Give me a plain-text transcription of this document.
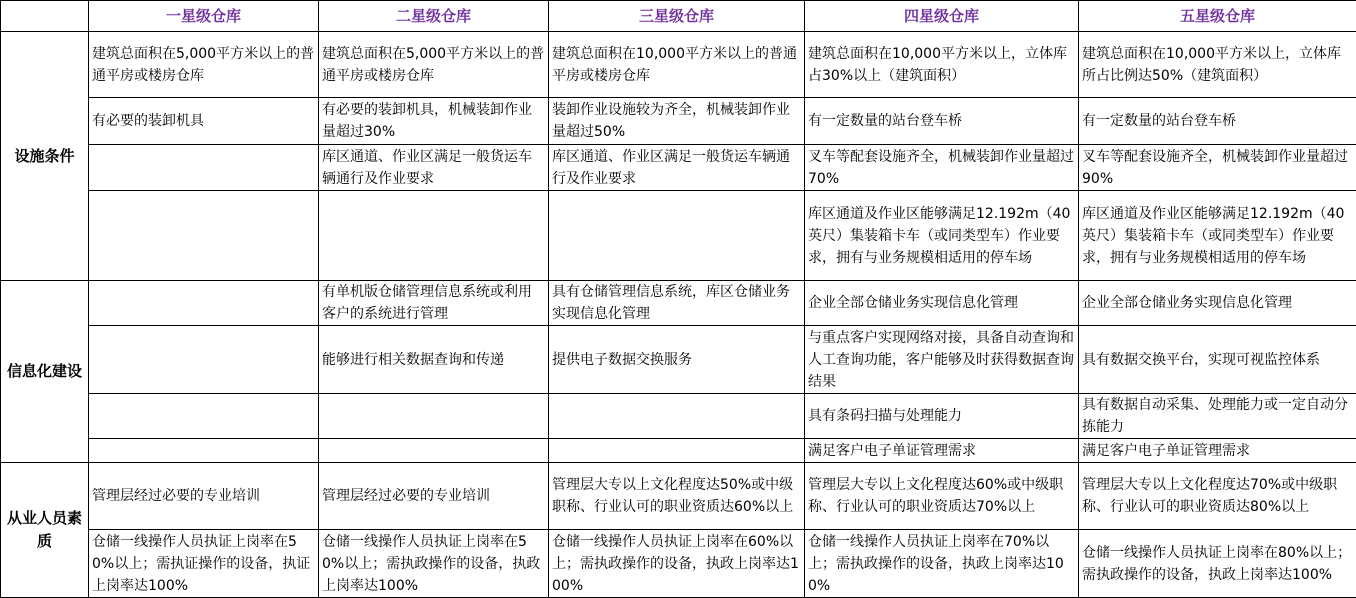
	一星级仓库	二星级仓库	三星级仓库	四星级仓库	五星级仓库
设施条件	建筑总面积在5,000平方米以上的普通平房或楼房仓库	建筑总面积在5,000平方米以上的普通平房或楼房仓库	建筑总面积在10,000平方米以上的普通平房或楼房仓库	建筑总面积在10,000平方米以上，立体库占30%以上（建筑面积）	建筑总面积在10,000平方米以上，立体库所占比例达50%（建筑面积）
	有必要的装卸机具	有必要的装卸机具，机械装卸作业量超过30%	装卸作业设施较为齐全，机械装卸作业量超过50%	有一定数量的站台登车桥	有一定数量的站台登车桥
		库区通道、作业区满足一般货运车辆通行及作业要求	库区通道、作业区满足一般货运车辆通行及作业要求	叉车等配套设施齐全，机械装卸作业量超过70%	叉车等配套设施齐全，机械装卸作业量超过90%
				库区通道及作业区能够满足12.192m（40英尺）集装箱卡车（或同类型车）作业要求，拥有与业务规模相适用的停车场	库区通道及作业区能够满足12.192m（40英尺）集装箱卡车（或同类型车）作业要求，拥有与业务规模相适用的停车场
信息化建设		有单机版仓储管理信息系统或利用客户的系统进行管理	具有仓储管理信息系统，库区仓储业务实现信息化管理	企业全部仓储业务实现信息化管理	企业全部仓储业务实现信息化管理
		能够进行相关数据查询和传递	提供电子数据交换服务	与重点客户实现网络对接，具备自动查询和人工查询功能，客户能够及时获得数据查询结果	具有数据交换平台，实现可视监控体系
				具有条码扫描与处理能力	具有数据自动采集、处理能力或一定自动分拣能力
				满足客户电子单证管理需求	满足客户电子单证管理需求
从业人员素质	管理层经过必要的专业培训	管理层经过必要的专业培训	管理层大专以上文化程度达50%或中级职称、行业认可的职业资质达60%以上	管理层大专以上文化程度达60%或中级职称、行业认可的职业资质达70%以上	管理层大专以上文化程度达70%或中级职称、行业认可的职业资质达80%以上
	仓储一线操作人员执证上岗率在50%以上；需执证操作的设备，执证上岗率达100%	仓储一线操作人员执证上岗率在50%以上；需执政操作的设备，执政上岗率达100%	仓储一线操作人员执证上岗率在60%以上；需执政操作的设备，执政上岗率达100%	仓储一线操作人员执证上岗率在70%以上；需执政操作的设备，执政上岗率达100%	仓储一线操作人员执证上岗率在80%以上；需执政操作的设备，执政上岗率达100%
